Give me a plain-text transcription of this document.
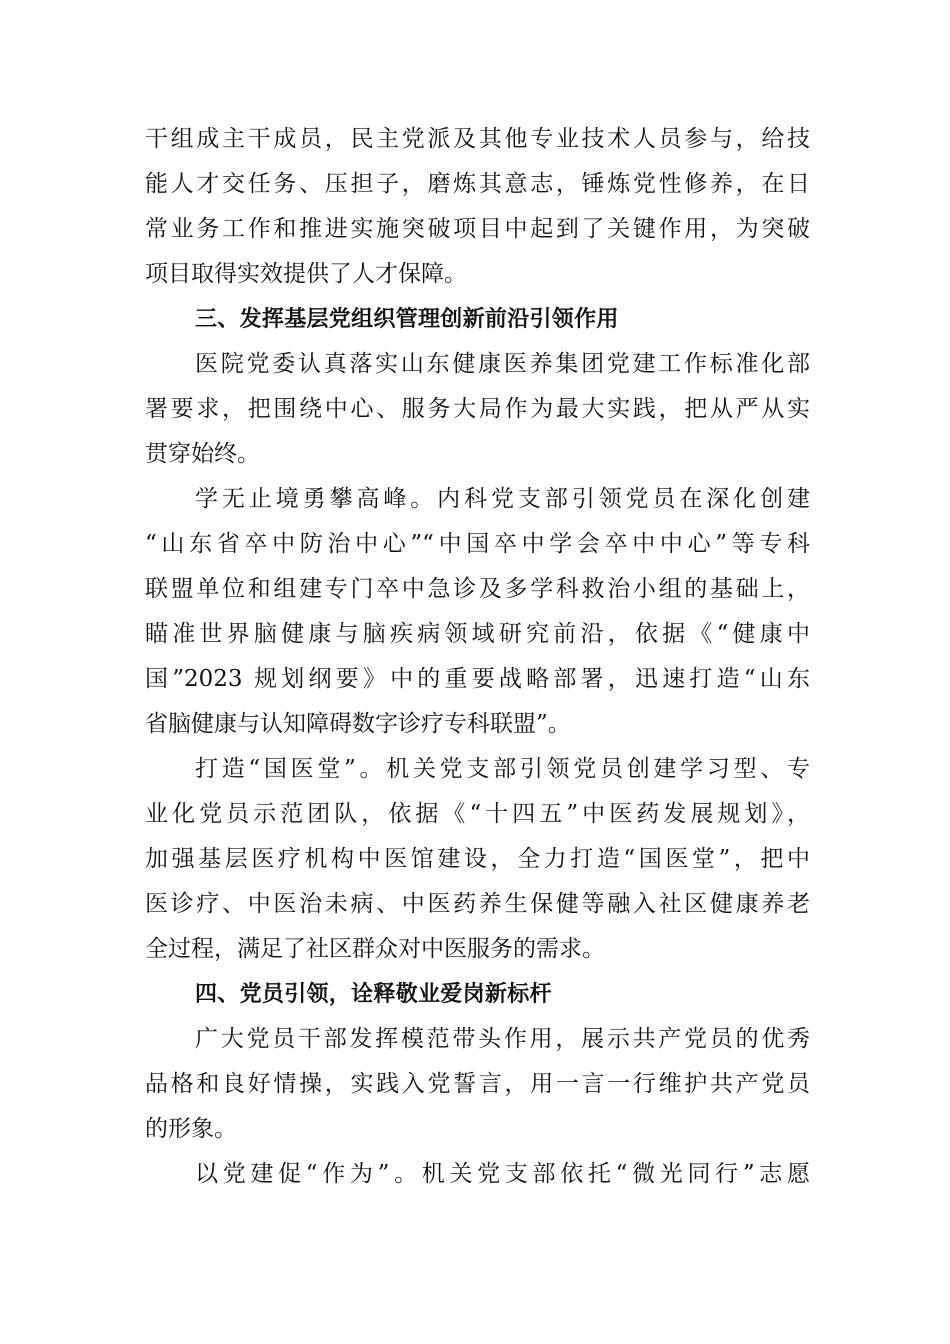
干组成主干成员，民主党派及其他专业技术人员参与，给技
能人才交任务、压担子，磨炼其意志，锤炼党性修养，在日
常业务工作和推进实施突破项目中起到了关键作用，为突破
项目取得实效提供了人才保障。
三、发挥基层党组织管理创新前沿引领作用
医院党委认真落实山东健康医养集团党建工作标准化部
署要求，把围绕中心、服务大局作为最大实践，把从严从实
贯穿始终。
学无止境勇攀高峰。内科党支部引领党员在深化创建
“山东省卒中防治中心”“中国卒中学会卒中中心”等专科
联盟单位和组建专门卒中急诊及多学科救治小组的基础上，
瞄准世界脑健康与脑疾病领域研究前沿，依据《“健康中
国”2023 规划纲要》中的重要战略部署，迅速打造“山东
省脑健康与认知障碍数字诊疗专科联盟”。
打造“国医堂”。机关党支部引领党员创建学习型、专
业化党员示范团队，依据《“十四五”中医药发展规划》，
加强基层医疗机构中医馆建设，全力打造“国医堂”，把中
医诊疗、中医治未病、中医药养生保健等融入社区健康养老
全过程，满足了社区群众对中医服务的需求。
四、党员引领，诠释敬业爱岗新标杆
广大党员干部发挥模范带头作用，展示共产党员的优秀
品格和良好情操，实践入党誓言，用一言一行维护共产党员
的形象。
以党建促“作为”。机关党支部依托“微光同行”志愿
